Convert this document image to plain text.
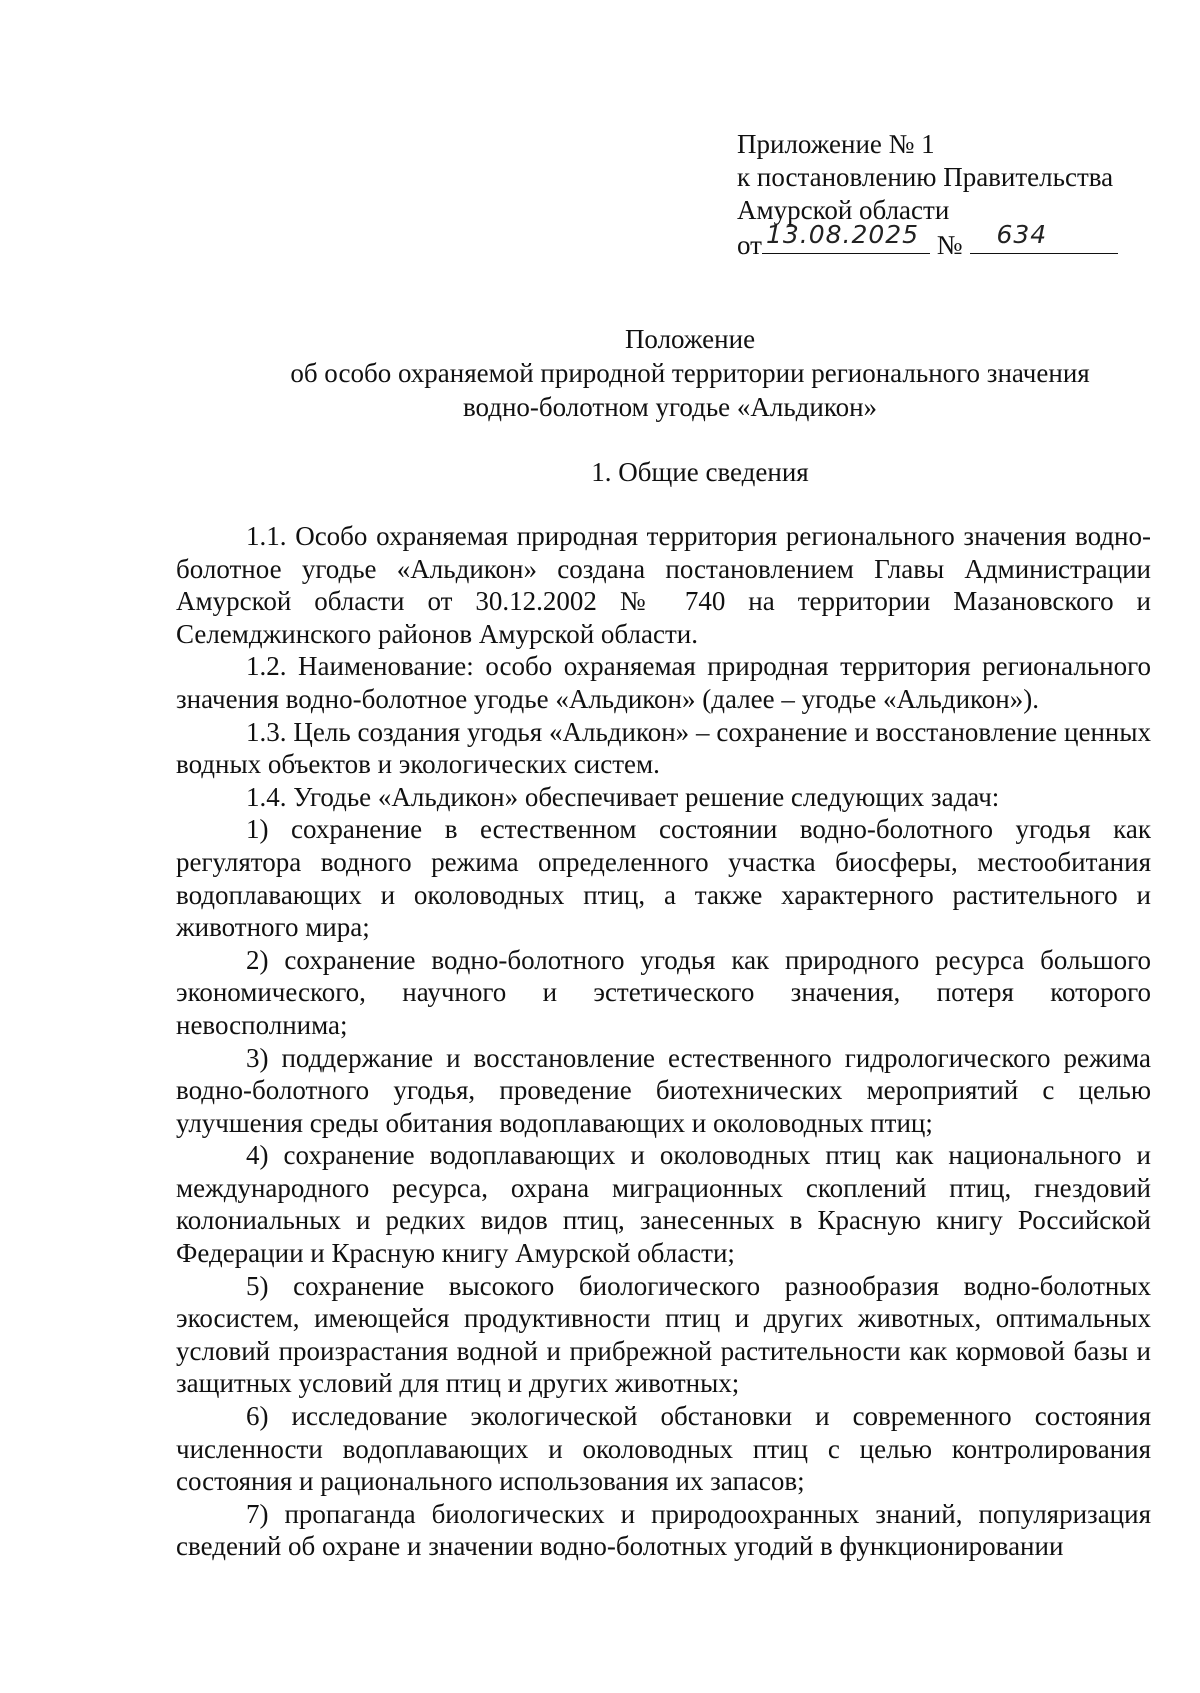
Приложение № 1
к постановлению Правительства
Амурской области
от 13.08.2025 № 634
Положение
об особо охраняемой природной территории регионального значения
водно-болотном угодье «Альдикон»
1. Общие сведения

1.1. Особо охраняемая природная территория регионального значения водно-болотное угодье «Альдикон» создана постановлением Главы Администрации Амурской области от 30.12.2002 № 740 на территории Мазановского и Селемджинского районов Амурской области.

1.2. Наименование: особо охраняемая природная территория регионального значения водно-болотное угодье «Альдикон» (далее – угодье «Альдикон»).

1.3. Цель создания угодья «Альдикон» – сохранение и восстановление ценных водных объектов и экологических систем.

1.4. Угодье «Альдикон» обеспечивает решение следующих задач:

1) сохранение в естественном состоянии водно-болотного угодья как регулятора водного режима определенного участка биосферы, местообитания водоплавающих и околоводных птиц, а также характерного растительного и животного мира;

2) сохранение водно-болотного угодья как природного ресурса большого экономического, научного и эстетического значения, потеря которого невосполнима;

3) поддержание и восстановление естественного гидрологического режима водно-болотного угодья, проведение биотехнических мероприятий с целью улучшения среды обитания водоплавающих и околоводных птиц;

4) сохранение водоплавающих и околоводных птиц как национального и международного ресурса, охрана миграционных скоплений птиц, гнездовий колониальных и редких видов птиц, занесенных в Красную книгу Российской Федерации и Красную книгу Амурской области;

5) сохранение высокого биологического разнообразия водно-болотных экосистем, имеющейся продуктивности птиц и других животных, оптимальных условий произрастания водной и прибрежной растительности как кормовой базы и защитных условий для птиц и других животных;

6) исследование экологической обстановки и современного состояния численности водоплавающих и околоводных птиц с целью контролирования состояния и рационального использования их запасов;

7) пропаганда биологических и природоохранных знаний, популяризация сведений об охране и значении водно-болотных угодий в функционировании
